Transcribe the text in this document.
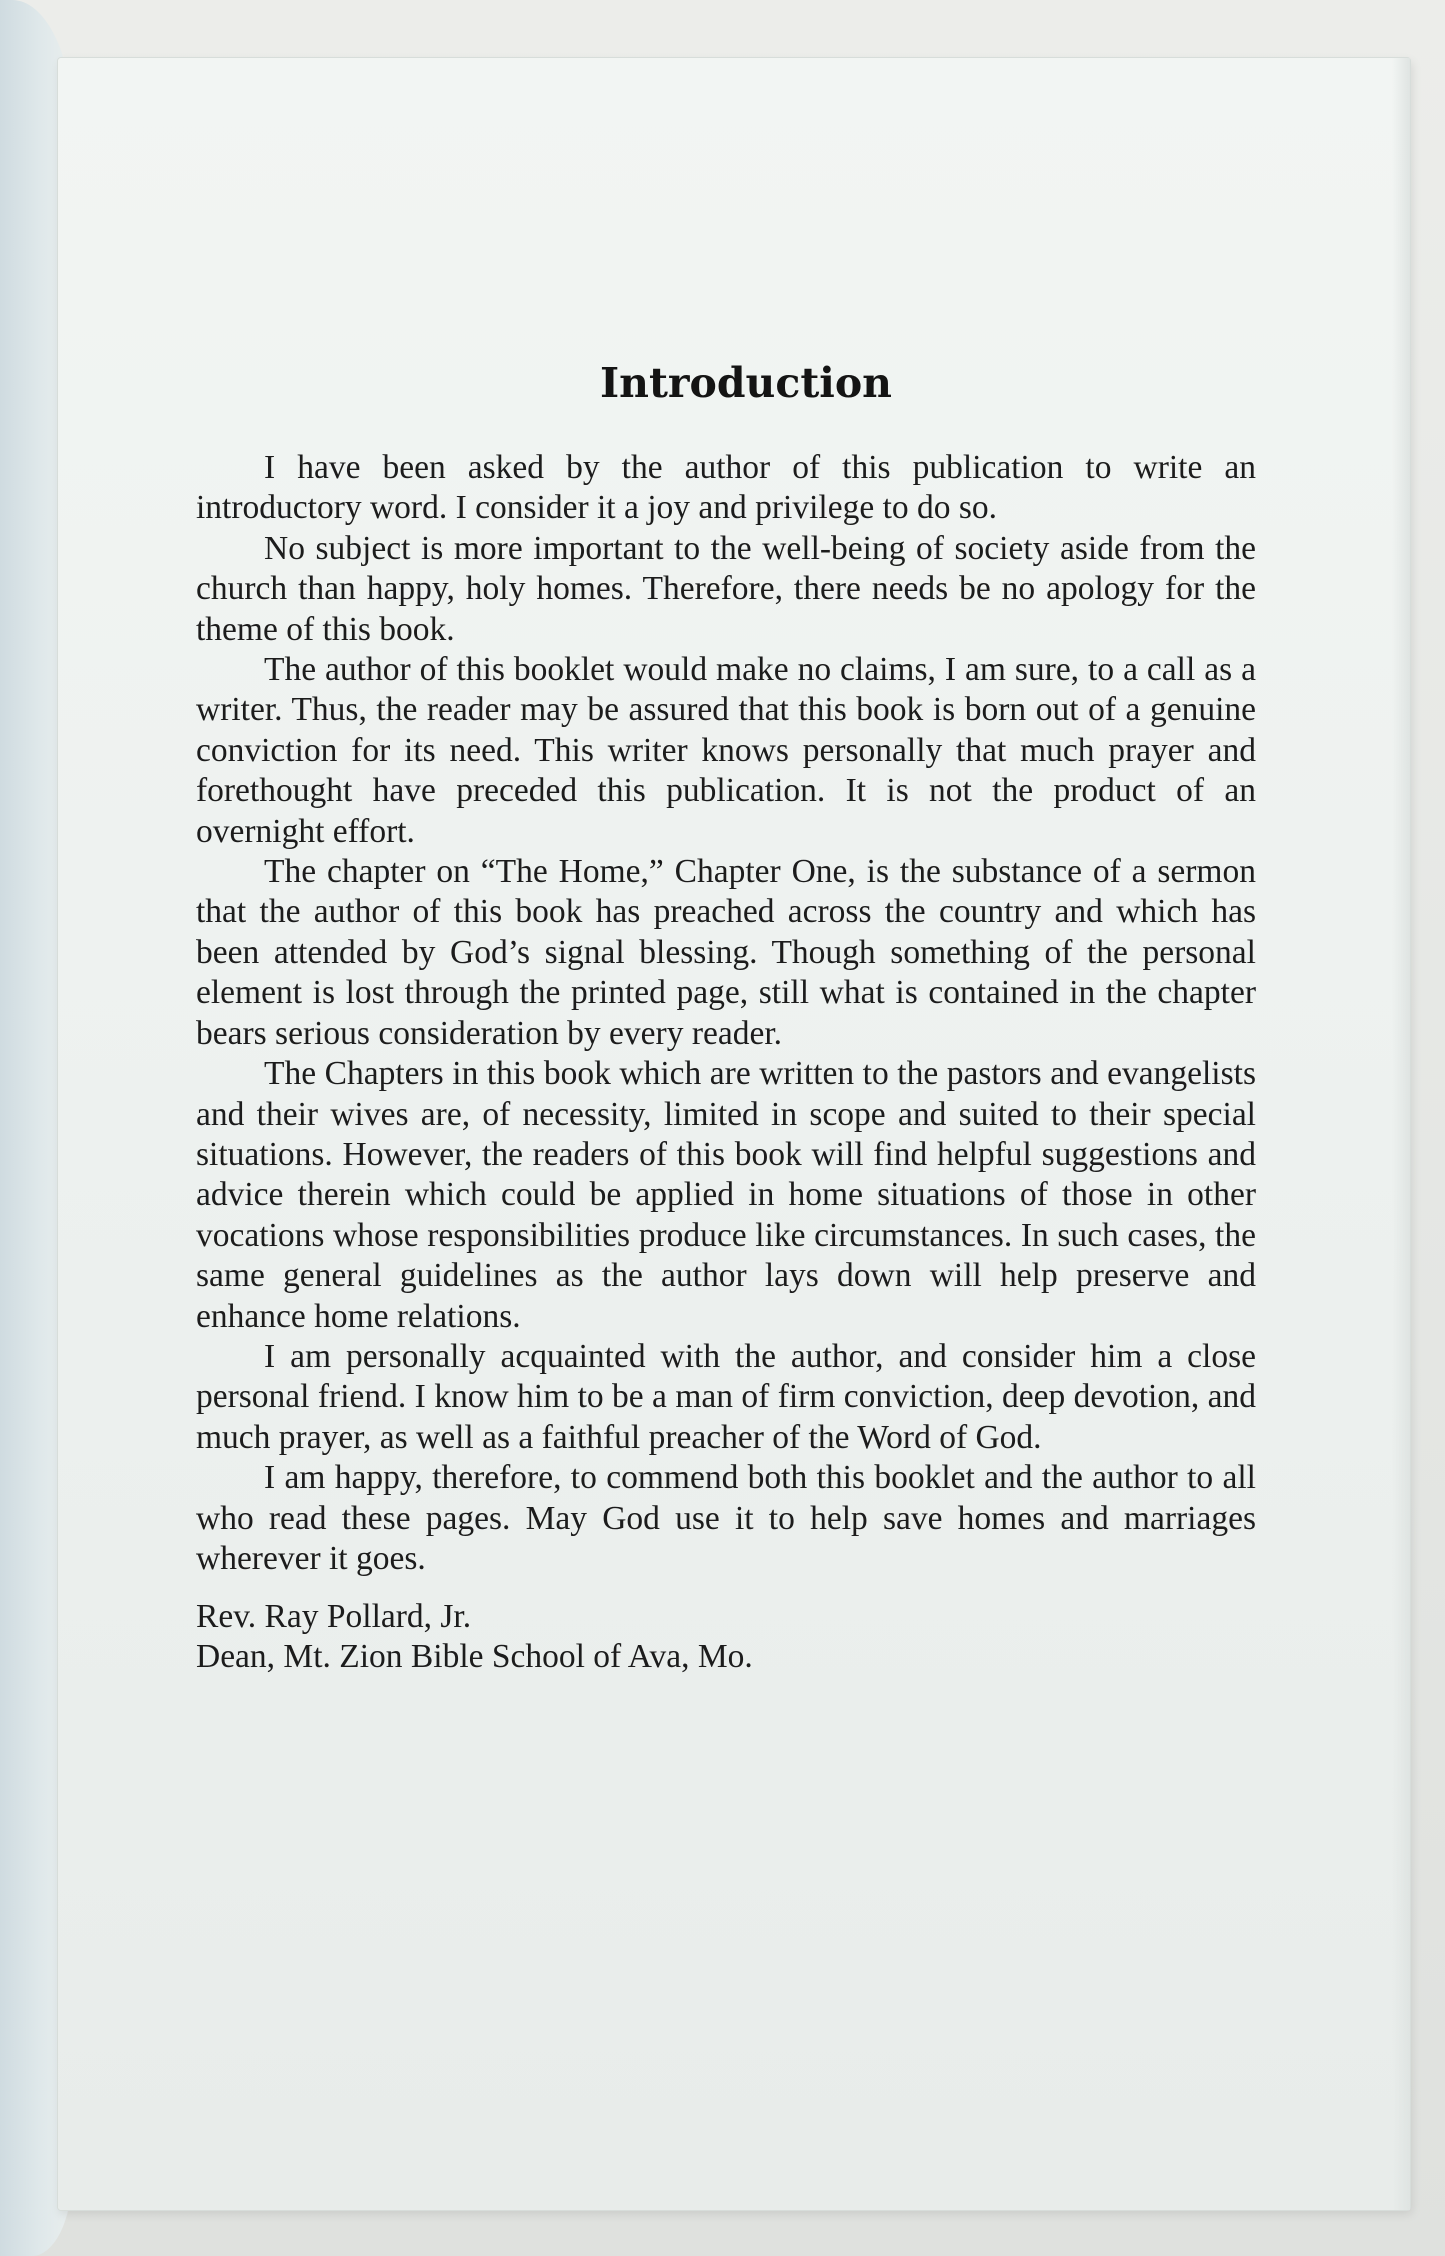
Introduction

I have been asked by the author of this publication to write an introductory word. I consider it a joy and privilege to do so.

No subject is more important to the well-being of society aside from the church than happy, holy homes. Therefore, there needs be no apology for the theme of this book.

The author of this booklet would make no claims, I am sure, to a call as a writer. Thus, the reader may be assured that this book is born out of a genuine conviction for its need. This writer knows personally that much prayer and forethought have preceded this publication. It is not the product of an overnight effort.

The chapter on “The Home,” Chapter One, is the substance of a sermon that the author of this book has preached across the country and which has been attended by God’s signal blessing. Though something of the personal element is lost through the printed page, still what is contained in the chapter bears serious consideration by every reader.

The Chapters in this book which are written to the pastors and evangelists and their wives are, of necessity, limited in scope and suited to their special situations. However, the readers of this book will find helpful suggestions and advice therein which could be applied in home situations of those in other vocations whose responsibilities produce like circumstances. In such cases, the same general guidelines as the author lays down will help preserve and enhance home relations.

I am personally acquainted with the author, and consider him a close personal friend. I know him to be a man of firm conviction, deep devotion, and much prayer, as well as a faithful preacher of the Word of God.

I am happy, therefore, to commend both this booklet and the author to all who read these pages. May God use it to help save homes and marriages wherever it goes.

Rev. Ray Pollard, Jr.
Dean, Mt. Zion Bible School of Ava, Mo.
